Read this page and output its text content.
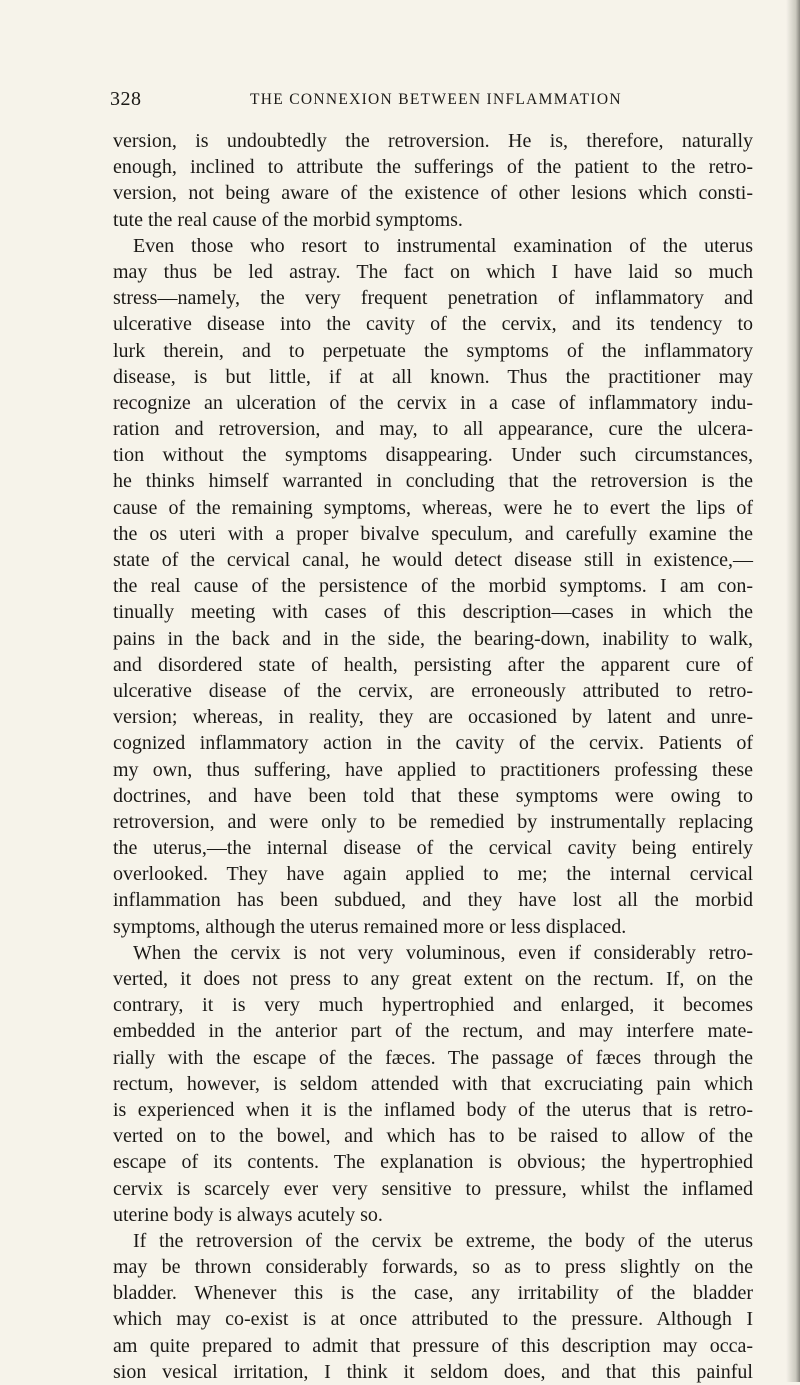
328	THE CONNEXION BETWEEN INFLAMMATION
version, is undoubtedly the retroversion. He is, therefore, naturally
enough, inclined to attribute the sufferings of the patient to the retro-
version, not being aware of the existence of other lesions which consti-
tute the real cause of the morbid symptoms.
Even those who resort to instrumental examination of the uterus
may thus be led astray. The fact on which I have laid so much
stress—namely, the very frequent penetration of inflammatory and
ulcerative disease into the cavity of the cervix, and its tendency to
lurk therein, and to perpetuate the symptoms of the inflammatory
disease, is but little, if at all known. Thus the practitioner may
recognize an ulceration of the cervix in a case of inflammatory indu-
ration and retroversion, and may, to all appearance, cure the ulcera-
tion without the symptoms disappearing. Under such circumstances,
he thinks himself warranted in concluding that the retroversion is the
cause of the remaining symptoms, whereas, were he to evert the lips of
the os uteri with a proper bivalve speculum, and carefully examine the
state of the cervical canal, he would detect disease still in existence,—
the real cause of the persistence of the morbid symptoms. I am con-
tinually meeting with cases of this description—cases in which the
pains in the back and in the side, the bearing-down, inability to walk,
and disordered state of health, persisting after the apparent cure of
ulcerative disease of the cervix, are erroneously attributed to retro-
version; whereas, in reality, they are occasioned by latent and unre-
cognized inflammatory action in the cavity of the cervix. Patients of
my own, thus suffering, have applied to practitioners professing these
doctrines, and have been told that these symptoms were owing to
retroversion, and were only to be remedied by instrumentally replacing
the uterus,—the internal disease of the cervical cavity being entirely
overlooked. They have again applied to me; the internal cervical
inflammation has been subdued, and they have lost all the morbid
symptoms, although the uterus remained more or less displaced.
When the cervix is not very voluminous, even if considerably retro-
verted, it does not press to any great extent on the rectum. If, on the
contrary, it is very much hypertrophied and enlarged, it becomes
embedded in the anterior part of the rectum, and may interfere mate-
rially with the escape of the fæces. The passage of fæces through the
rectum, however, is seldom attended with that excruciating pain which
is experienced when it is the inflamed body of the uterus that is retro-
verted on to the bowel, and which has to be raised to allow of the
escape of its contents. The explanation is obvious; the hypertrophied
cervix is scarcely ever very sensitive to pressure, whilst the inflamed
uterine body is always acutely so.
If the retroversion of the cervix be extreme, the body of the uterus
may be thrown considerably forwards, so as to press slightly on the
bladder. Whenever this is the case, any irritability of the bladder
which may co-exist is at once attributed to the pressure. Although I
am quite prepared to admit that pressure of this description may occa-
sion vesical irritation, I think it seldom does, and that this painful
